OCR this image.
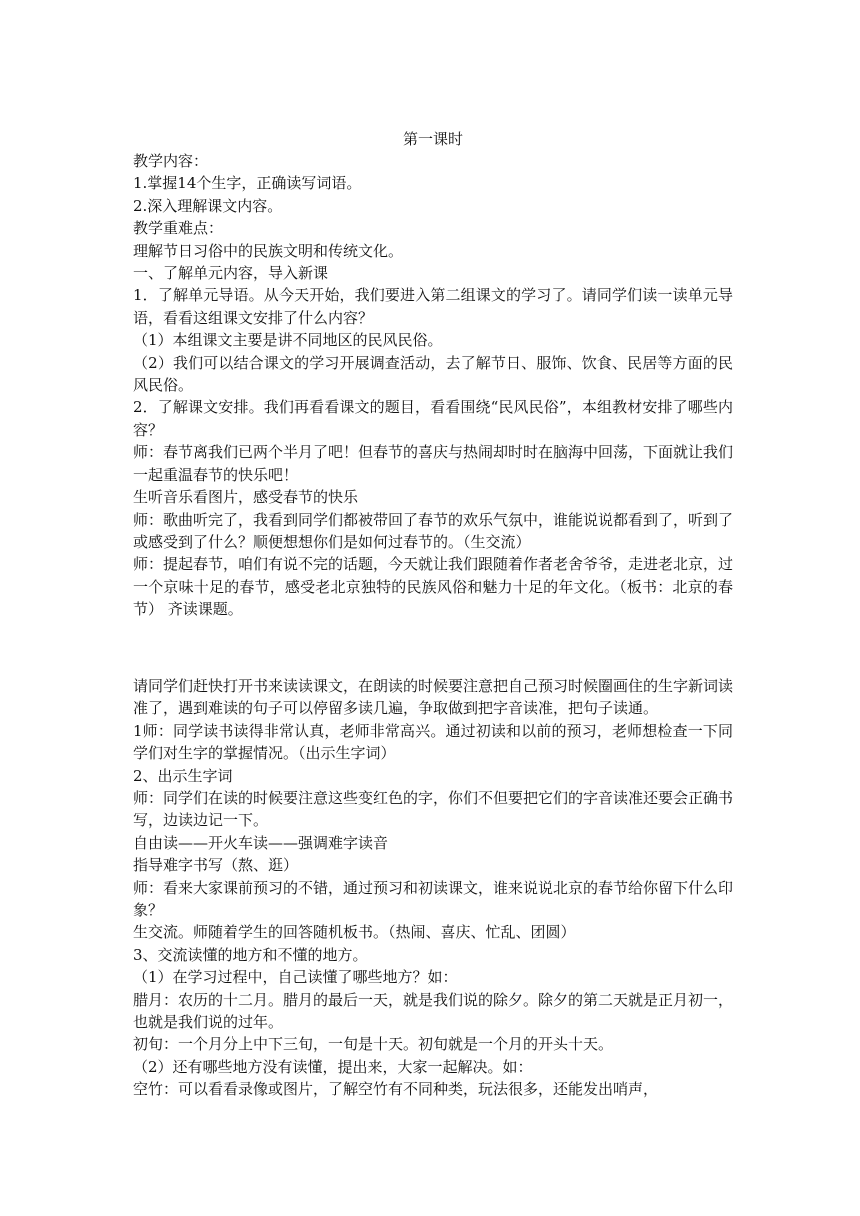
第一课时

教学内容：

1.掌握14个生字，正确读写词语。

2.深入理解课文内容。

教学重难点：

理解节日习俗中的民族文明和传统文化。

一、了解单元内容，导入新课

1．了解单元导语。从今天开始，我们要进入第二组课文的学习了。请同学们读一读单元导语，看看这组课文安排了什么内容？

（1）本组课文主要是讲不同地区的民风民俗。

（2）我们可以结合课文的学习开展调查活动，去了解节日、服饰、饮食、民居等方面的民风民俗。

2．了解课文安排。我们再看看课文的题目，看看围绕“民风民俗”，本组教材安排了哪些内容？

师：春节离我们已两个半月了吧！但春节的喜庆与热闹却时时在脑海中回荡，下面就让我们一起重温春节的快乐吧！

生听音乐看图片，感受春节的快乐

师：歌曲听完了，我看到同学们都被带回了春节的欢乐气氛中，谁能说说都看到了，听到了或感受到了什么？顺便想想你们是如何过春节的。（生交流）

师：提起春节，咱们有说不完的话题，今天就让我们跟随着作者老舍爷爷，走进老北京，过一个京味十足的春节，感受老北京独特的民族风俗和魅力十足的年文化。（板书：北京的春节） 齐读课题。

请同学们赶快打开书来读读课文，在朗读的时候要注意把自己预习时候圈画住的生字新词读准了，遇到难读的句子可以停留多读几遍，争取做到把字音读准，把句子读通。

1师：同学读书读得非常认真，老师非常高兴。通过初读和以前的预习，老师想检查一下同学们对生字的掌握情况。（出示生字词）

2、出示生字词

师：同学们在读的时候要注意这些变红色的字，你们不但要把它们的字音读准还要会正确书写，边读边记一下。

自由读——开火车读——强调难字读音

指导难字书写（熬、逛）

师：看来大家课前预习的不错，通过预习和初读课文，谁来说说北京的春节给你留下什么印象？

生交流。师随着学生的回答随机板书。（热闹、喜庆、忙乱、团圆）

3、交流读懂的地方和不懂的地方。

（1）在学习过程中，自己读懂了哪些地方？如：

腊月：农历的十二月。腊月的最后一天，就是我们说的除夕。除夕的第二天就是正月初一，也就是我们说的过年。

初旬：一个月分上中下三旬，一旬是十天。初旬就是一个月的开头十天。

（2）还有哪些地方没有读懂，提出来，大家一起解决。如：

空竹：可以看看录像或图片，了解空竹有不同种类，玩法很多，还能发出哨声，
